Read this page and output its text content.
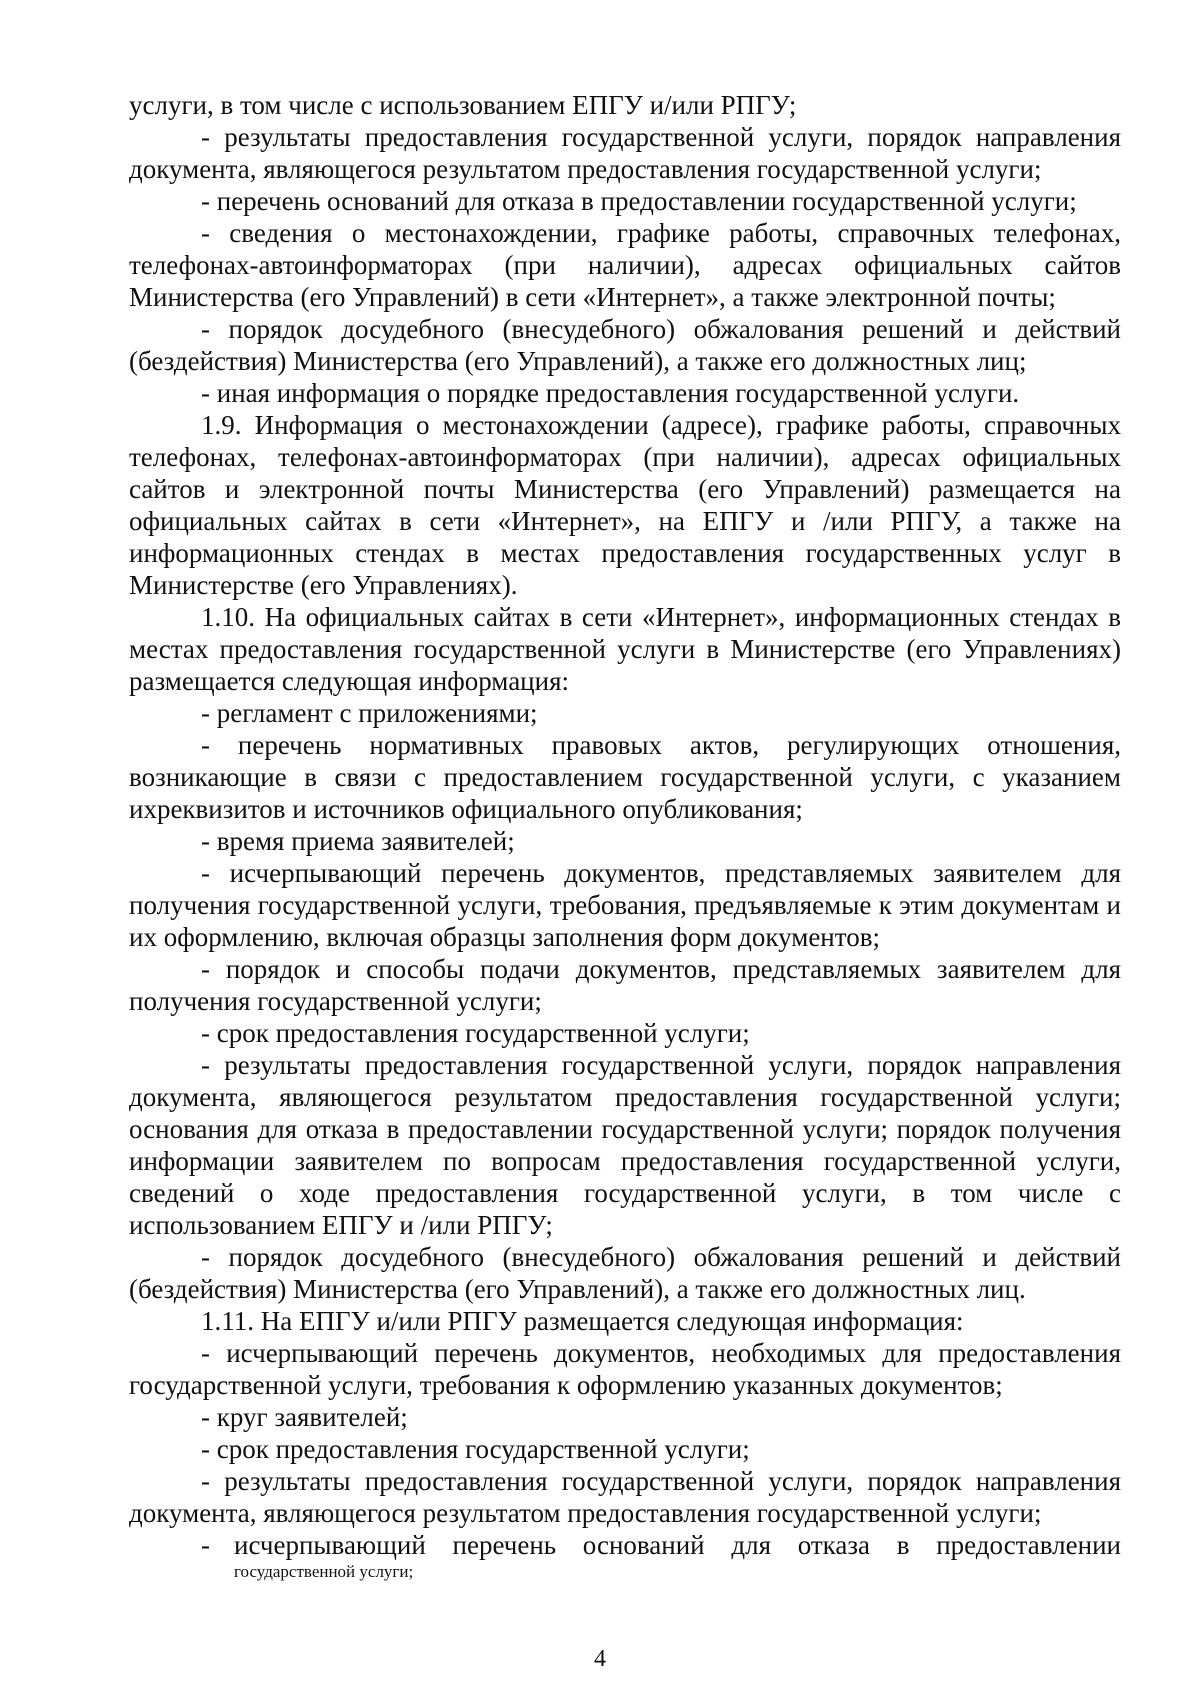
услуги, в том числе с использованием ЕПГУ и/или РПГУ;

- результаты предоставления государственной услуги, порядок направления документа, являющегося результатом предоставления государственной услуги;

- перечень оснований для отказа в предоставлении государственной услуги;

- сведения о местонахождении, графике работы, справочных телефонах, телефонах-автоинформаторах (при наличии), адресах официальных сайтов Министерства (его Управлений) в сети «Интернет», а также электронной почты;

- порядок досудебного (внесудебного) обжалования решений и действий (бездействия) Министерства (его Управлений), а также его должностных лиц;

- иная информация о порядке предоставления государственной услуги.

1.9. Информация о местонахождении (адресе), графике работы, справочных телефонах, телефонах-автоинформаторах (при наличии), адресах официальных сайтов и электронной почты Министерства (его Управлений) размещается на официальных сайтах в сети «Интернет», на ЕПГУ и /или РПГУ, а также на информационных стендах в местах предоставления государственных услуг в Министерстве (его Управлениях).

1.10. На официальных сайтах в сети «Интернет», информационных стендах в местах предоставления государственной услуги в Министерстве (его Управлениях) размещается следующая информация:

- регламент с приложениями;

- перечень нормативных правовых актов, регулирующих отношения, возникающие в связи с предоставлением государственной услуги, с указанием ихреквизитов и источников официального опубликования;

- время приема заявителей;

- исчерпывающий перечень документов, представляемых заявителем для получения государственной услуги, требования, предъявляемые к этим документам и их оформлению, включая образцы заполнения форм документов;

- порядок и способы подачи документов, представляемых заявителем для получения государственной услуги;

- срок предоставления государственной услуги;

- результаты предоставления государственной услуги, порядок направления документа, являющегося результатом предоставления государственной услуги; основания для отказа в предоставлении государственной услуги; порядок получения информации заявителем по вопросам предоставления государственной услуги, сведений о ходе предоставления государственной услуги, в том числе с использованием ЕПГУ и /или РПГУ;

- порядок досудебного (внесудебного) обжалования решений и действий (бездействия) Министерства (его Управлений), а также его должностных лиц.

1.11. На ЕПГУ и/или РПГУ размещается следующая информация:

- исчерпывающий перечень документов, необходимых для предоставления государственной услуги, требования к оформлению указанных документов;

- круг заявителей;

- срок предоставления государственной услуги;

- результаты предоставления государственной услуги, порядок направления документа, являющегося результатом предоставления государственной услуги;

- исчерпывающий перечень оснований для отказа в предоставлении
государственной услуги;

4
